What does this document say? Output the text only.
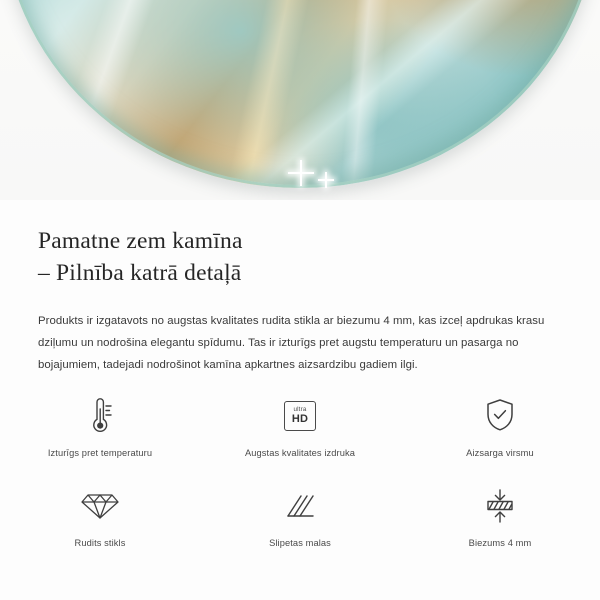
Pamatne zem kamīna
– Pilnība katrā detaļā

Produkts ir izgatavots no augstas kvalitates rudita stikla ar biezumu 4 mm, kas izceļ apdrukas krasu dziļumu un nodrošina elegantu spīdumu. Tas ir izturīgs pret augstu temperaturu un pasarga no bojajumiem, tadejadi nodrošinot kamīna apkartnes aizsardzibu gadiem ilgi.

Izturīgs pret temperaturu
ultra
HD
Augstas kvalitates izdruka	Aizsarga virsmu
Rudits stikls	Slipetas malas	Biezums 4 mm
